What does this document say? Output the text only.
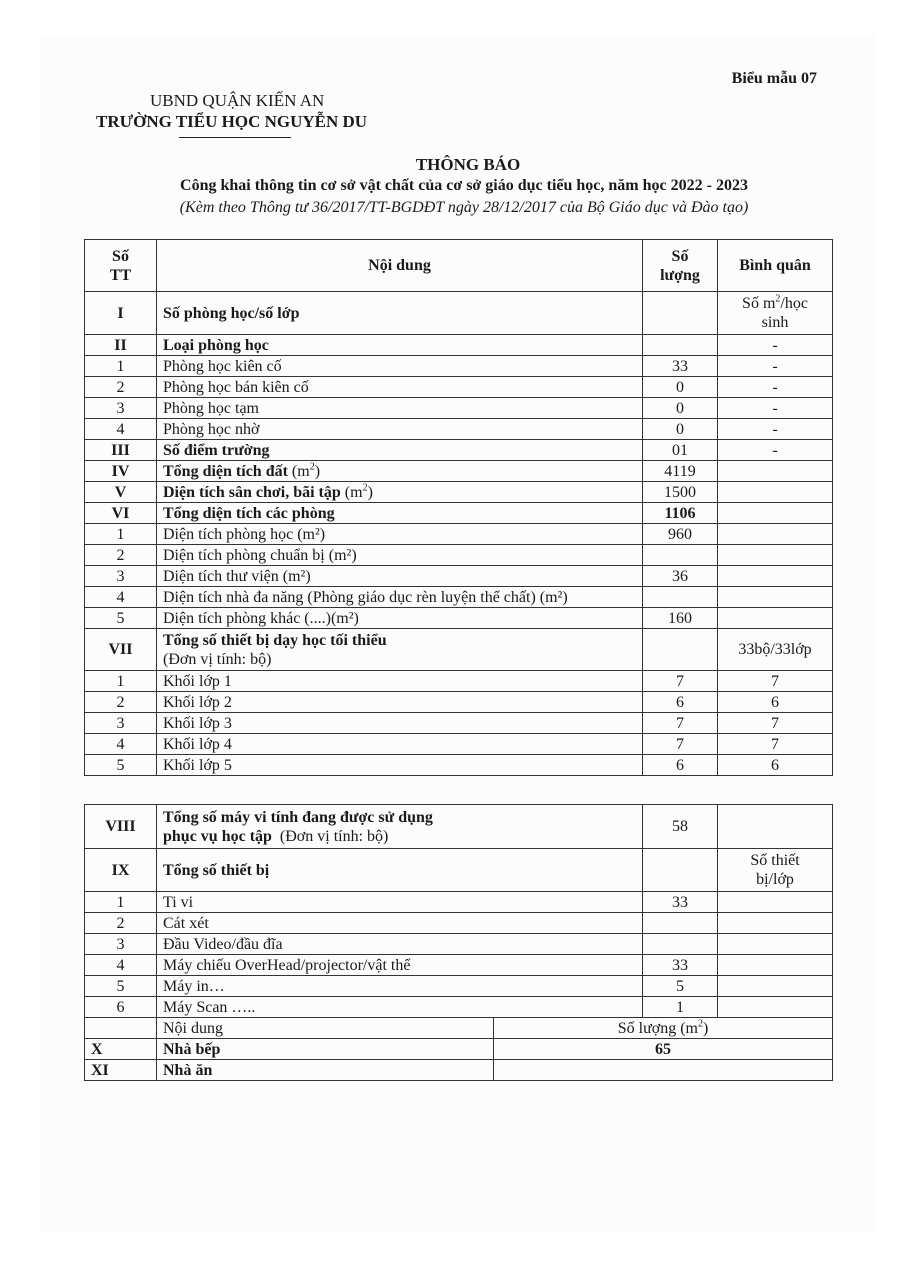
Biểu mẫu 07
UBND QUẬN KIẾN AN
TRƯỜNG TIỂU HỌC NGUYỄN DU
THÔNG BÁO
Công khai thông tin cơ sở vật chất của cơ sở giáo dục tiểu học, năm học 2022 - 2023
(Kèm theo Thông tư 36/2017/TT-BGDĐT ngày 28/12/2017 của Bộ Giáo dục và Đào tạo)
Số
TT	Nội dung	Số
lượng	Bình quân
I	Số phòng học/số lớp		Số $m^2$/học
sinh
II	Loại phòng học		-
1	Phòng học kiên cố	33	-
2	Phòng học bán kiên cố	0	-
3	Phòng học tạm	0	-
4	Phòng học nhờ	0	-
III	Số điểm trường	01	-
IV	Tổng diện tích đất $(m^2)$	4119	
V	Diện tích sân chơi, bãi tập $(m^2)$	1500	
VI	Tổng diện tích các phòng	1106	
1	Diện tích phòng học (m²)	960	
2	Diện tích phòng chuẩn bị (m²)		
3	Diện tích thư viện (m²)	36	
4	Diện tích nhà đa năng (Phòng giáo dục rèn luyện thể chất) (m²)		
5	Diện tích phòng khác (....)(m²)	160	
VII	Tổng số thiết bị dạy học tối thiểu
(Đơn vị tính: bộ)		33bộ/33lớp
1	Khối lớp 1	7	7
2	Khối lớp 2	6	6
3	Khối lớp 3	7	7
4	Khối lớp 4	7	7
5	Khối lớp 5	6	6
VIII	Tổng số máy vi tính đang được sử dụng
phục vụ học tập (Đơn vị tính: bộ)		58	
IX	Tổng số thiết bị			Số thiết
bị/lớp
1	Ti vi		33	
2	Cát xét			
3	Đầu Video/đầu đĩa			
4	Máy chiếu OverHead/projector/vật thể		33	
5	Máy in…		5	
6	Máy Scan …..		1	
	Nội dung	Số lượng $(m^2)$		
X	Nhà bếp	65		
XI	Nhà ăn			
